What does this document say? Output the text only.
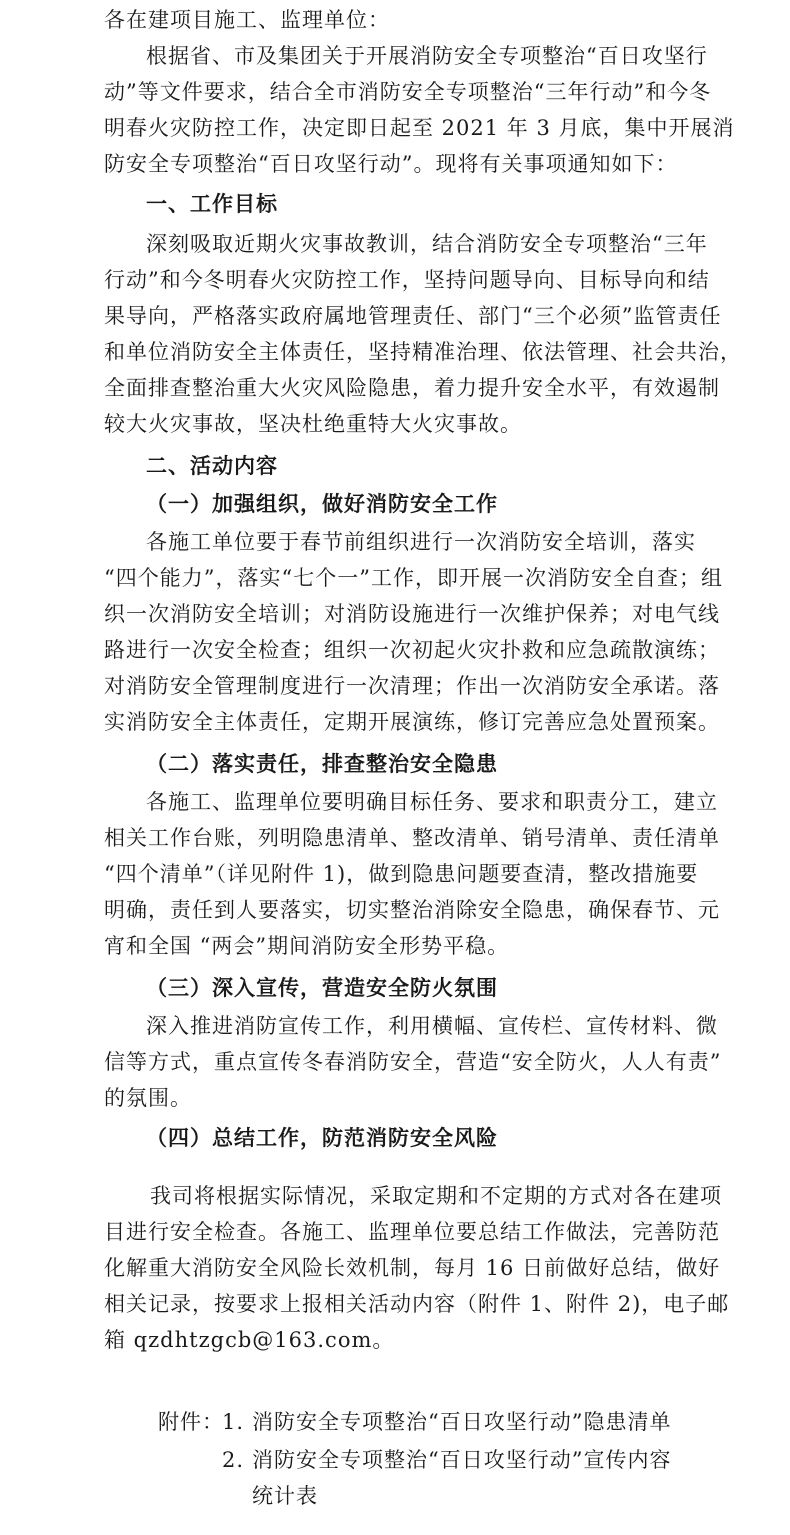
各在建项目施工、监理单位：
根据省、市及集团关于开展消防安全专项整治“百日攻坚行
动”等文件要求，结合全市消防安全专项整治“三年行动”和今冬
明春火灾防控工作，决定即日起至 2021 年 3 月底，集中开展消
防安全专项整治“百日攻坚行动”。现将有关事项通知如下：
一、工作目标
深刻吸取近期火灾事故教训，结合消防安全专项整治“三年
行动”和今冬明春火灾防控工作，坚持问题导向、目标导向和结
果导向，严格落实政府属地管理责任、部门“三个必须”监管责任
和单位消防安全主体责任，坚持精准治理、依法管理、社会共治，
全面排查整治重大火灾风险隐患，着力提升安全水平，有效遏制
较大火灾事故，坚决杜绝重特大火灾事故。
二、活动内容
（一）加强组织，做好消防安全工作
各施工单位要于春节前组织进行一次消防安全培训，落实
“四个能力”，落实“七个一”工作，即开展一次消防安全自查；组
织一次消防安全培训；对消防设施进行一次维护保养；对电气线
路进行一次安全检查；组织一次初起火灾扑救和应急疏散演练；
对消防安全管理制度进行一次清理；作出一次消防安全承诺。落
实消防安全主体责任，定期开展演练，修订完善应急处置预案。
（二）落实责任，排查整治安全隐患
各施工、监理单位要明确目标任务、要求和职责分工，建立
相关工作台账，列明隐患清单、整改清单、销号清单、责任清单
“四个清单”（详见附件 1)，做到隐患问题要查清，整改措施要
明确，责任到人要落实，切实整治消除安全隐患，确保春节、元
宵和全国 “两会”期间消防安全形势平稳。
（三）深入宣传，营造安全防火氛围
深入推进消防宣传工作，利用横幅、宣传栏、宣传材料、微
信等方式，重点宣传冬春消防安全，营造“安全防火，人人有责”
的氛围。
（四）总结工作，防范消防安全风险
我司将根据实际情况，采取定期和不定期的方式对各在建项
目进行安全检查。各施工、监理单位要总结工作做法，完善防范
化解重大消防安全风险长效机制，每月 16 日前做好总结，做好
相关记录，按要求上报相关活动内容（附件 1、附件 2)，电子邮
箱 qzdhtzgcb@163.com。
附件：
1. 消防安全专项整治“百日攻坚行动”隐患清单
2. 消防安全专项整治“百日攻坚行动”宣传内容
统计表
